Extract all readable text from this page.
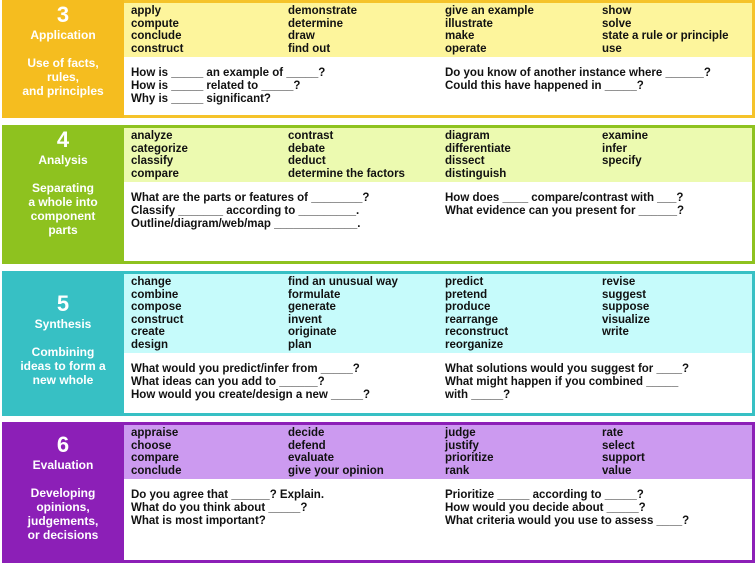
3
Application
Use of facts,
rules,
and principles
apply
compute
conclude
construct
demonstrate
determine
draw
find out
give an example
illustrate
make
operate
show
solve
state a rule or principle
use
How is _____ an example of _____?
How is _____ related to _____?
Why is _____ significant?
Do you know of another instance where ______?
Could this have happened in _____?
4
Analysis
Separating
a whole into
component
parts
analyze
categorize
classify
compare
contrast
debate
deduct
determine the factors
diagram
differentiate
dissect
distinguish
examine
infer
specify
What are the parts or features of ________?
Classify _______ according to _________.
Outline/diagram/web/map _____________.
How does ____ compare/contrast with ___?
What evidence can you present for ______?
5
Synthesis
Combining
ideas to form a
new whole
change
combine
compose
construct
create
design
find an unusual way
formulate
generate
invent
originate
plan
predict
pretend
produce
rearrange
reconstruct
reorganize
revise
suggest
suppose
visualize
write
What would you predict/infer from _____?
What ideas can you add to ______?
How would you create/design a new _____?
What solutions would you suggest for ____?
What might happen if you combined _____
with _____?
6
Evaluation
Developing
opinions,
judgements,
or decisions
appraise
choose
compare
conclude
decide
defend
evaluate
give your opinion
judge
justify
prioritize
rank
rate
select
support
value
Do you agree that ______? Explain.
What do you think about _____?
What is most important?
Prioritize _____ according to _____?
How would you decide about _____?
What criteria would you use to assess ____?
